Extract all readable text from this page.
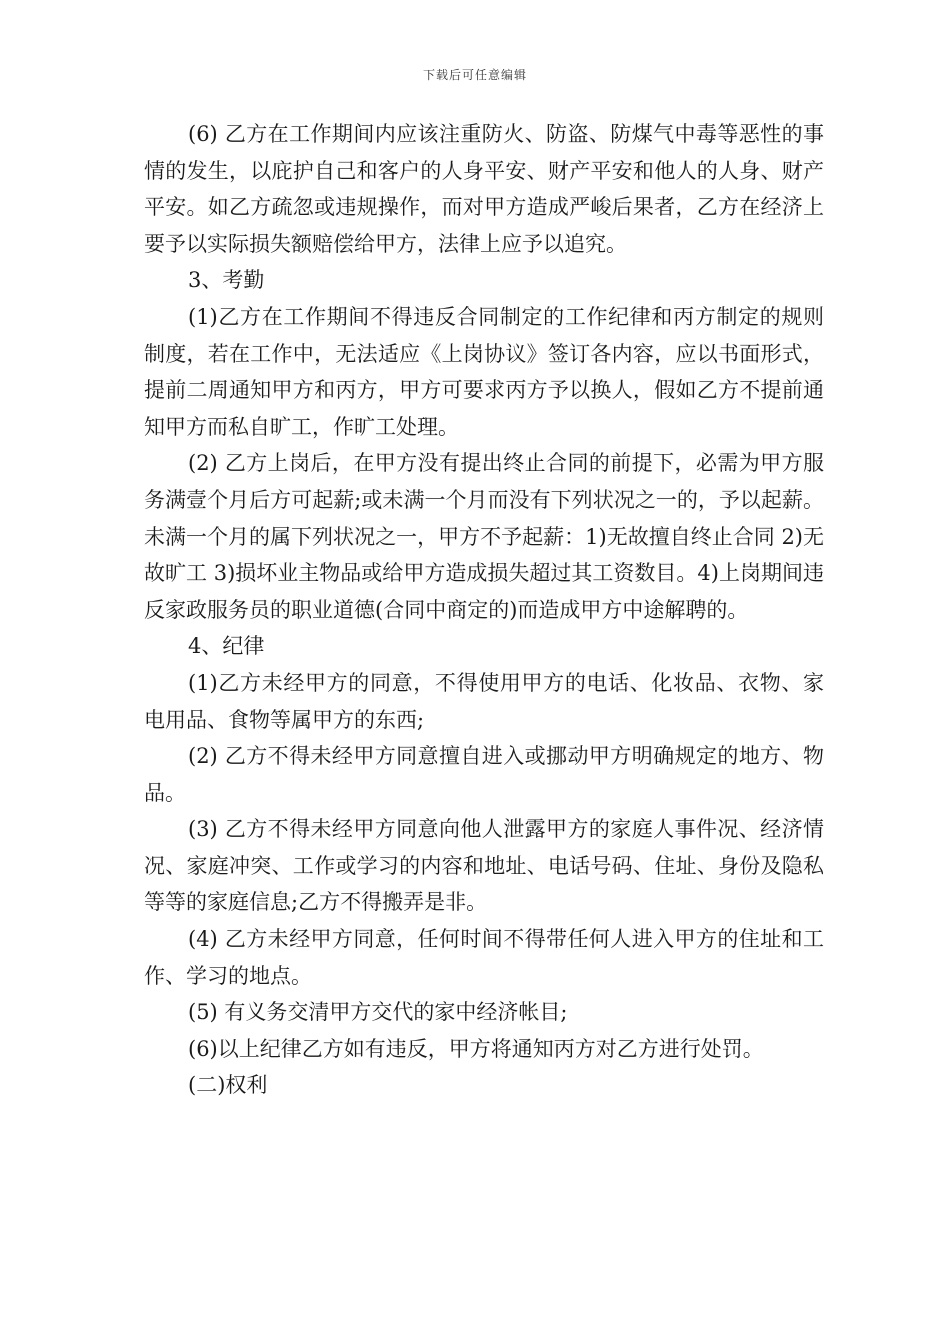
下载后可任意编辑

(6) 乙方在工作期间内应该注重防火、防盗、防煤气中毒等恶性的事情的发生，以庇护自己和客户的人身平安、财产平安和他人的人身、财产平安。如乙方疏忽或违规操作，而对甲方造成严峻后果者，乙方在经济上要予以实际损失额赔偿给甲方，法律上应予以追究。

3、考勤

(1)乙方在工作期间不得违反合同制定的工作纪律和丙方制定的规则制度，若在工作中，无法适应《上岗协议》签订各内容，应以书面形式，提前二周通知甲方和丙方，甲方可要求丙方予以换人，假如乙方不提前通知甲方而私自旷工，作旷工处理。

(2) 乙方上岗后，在甲方没有提出终止合同的前提下，必需为甲方服务满壹个月后方可起薪;或未满一个月而没有下列状况之一的，予以起薪。未满一个月的属下列状况之一，甲方不予起薪：1)无故擅自终止合同 2)无故旷工 3)损坏业主物品或给甲方造成损失超过其工资数目。4)上岗期间违反家政服务员的职业道德(合同中商定的)而造成甲方中途解聘的。

4、纪律

(1)乙方未经甲方的同意，不得使用甲方的电话、化妆品、衣物、家电用品、食物等属甲方的东西;

(2) 乙方不得未经甲方同意擅自进入或挪动甲方明确规定的地方、物品。

(3) 乙方不得未经甲方同意向他人泄露甲方的家庭人事件况、经济情况、家庭冲突、工作或学习的内容和地址、电话号码、住址、身份及隐私等等的家庭信息;乙方不得搬弄是非。

(4) 乙方未经甲方同意，任何时间不得带任何人进入甲方的住址和工作、学习的地点。

(5) 有义务交清甲方交代的家中经济帐目;

(6)以上纪律乙方如有违反，甲方将通知丙方对乙方进行处罚。

(二)权利
